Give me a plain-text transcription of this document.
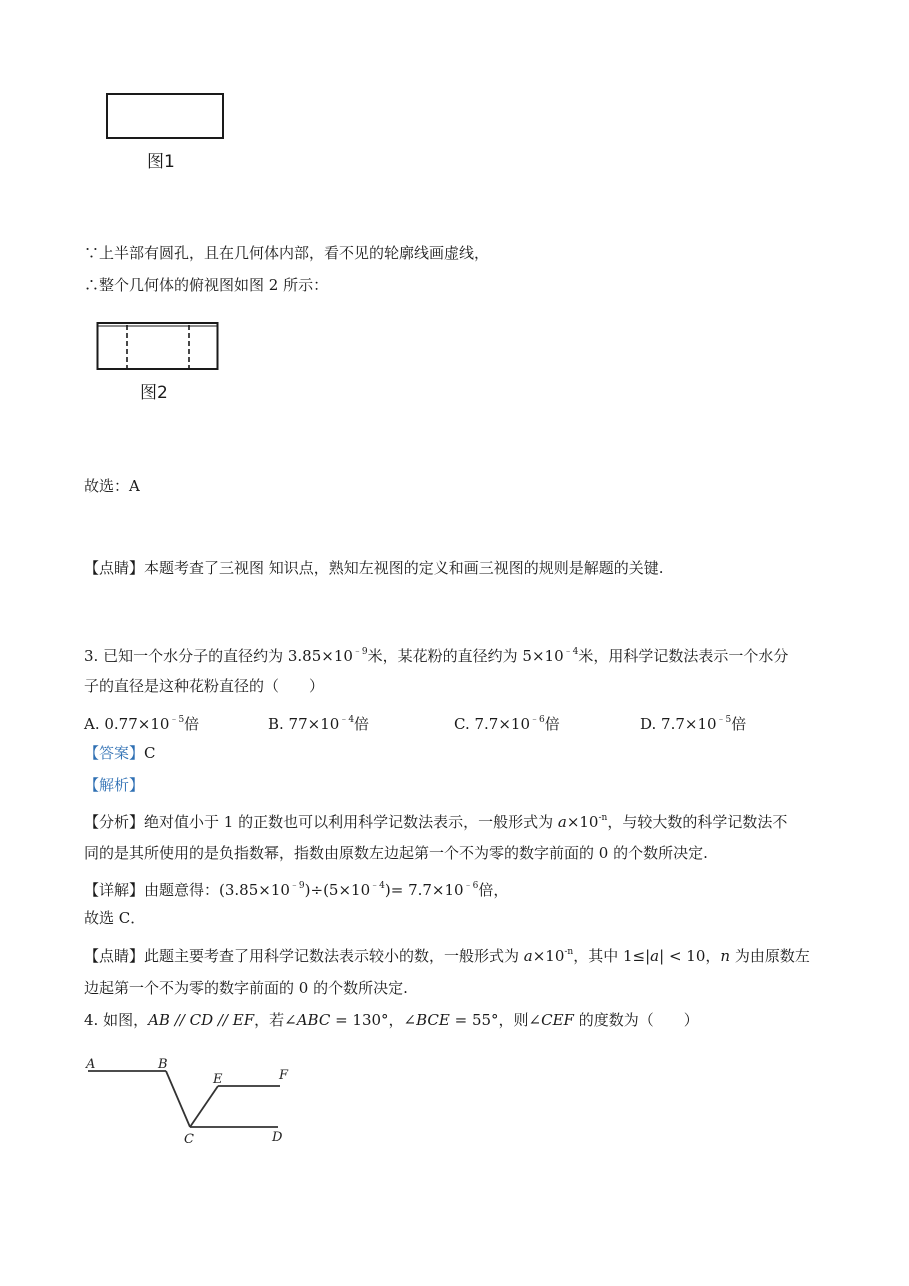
图1
∵上半部有圆孔，且在几何体内部，看不见的轮廓线画虚线，
∴整个几何体的俯视图如图 2 所示：
图2
故选：A
【点睛】本题考查了三视图 知识点，熟知左视图的定义和画三视图的规则是解题的关键.
3. 已知一个水分子的直径约为 $3.85\times 10^{﹣9}$米，某花粉的直径约为 $5\times 10^{﹣4}$米，用科学记数法表示一个水分
子的直径是这种花粉直径的（　　）
A. $0.77\times 10^{﹣5}$倍	B. $77\times 10^{﹣4}$倍	C. $7.7\times 10^{﹣6}$倍	D. $7.7\times 10^{﹣5}$倍
【答案】C
【解析】
【分析】绝对值小于 1 的正数也可以利用科学记数法表示，一般形式为 $a\times 10^{-n}$，与较大数的科学记数法不
同的是其所使用的是负指数幂，指数由原数左边起第一个不为零的数字前面的 0 的个数所决定.
【详解】由题意得：$(3.85\times 10^{﹣9})\div(5\times 10^{﹣4})= 7.7\times 10^{﹣6}$倍，
故选 C．
【点睛】此题主要考查了用科学记数法表示较小的数，一般形式为 $a\times 10^{-n}$，其中 1≤|a| < 10，n 为由原数左
边起第一个不为零的数字前面的 0 的个数所决定.
4. 如图，AB // CD // EF，若∠ABC = 130°，∠BCE = 55°，则∠CEF 的度数为（　　）
A	B
C	D
E	F
